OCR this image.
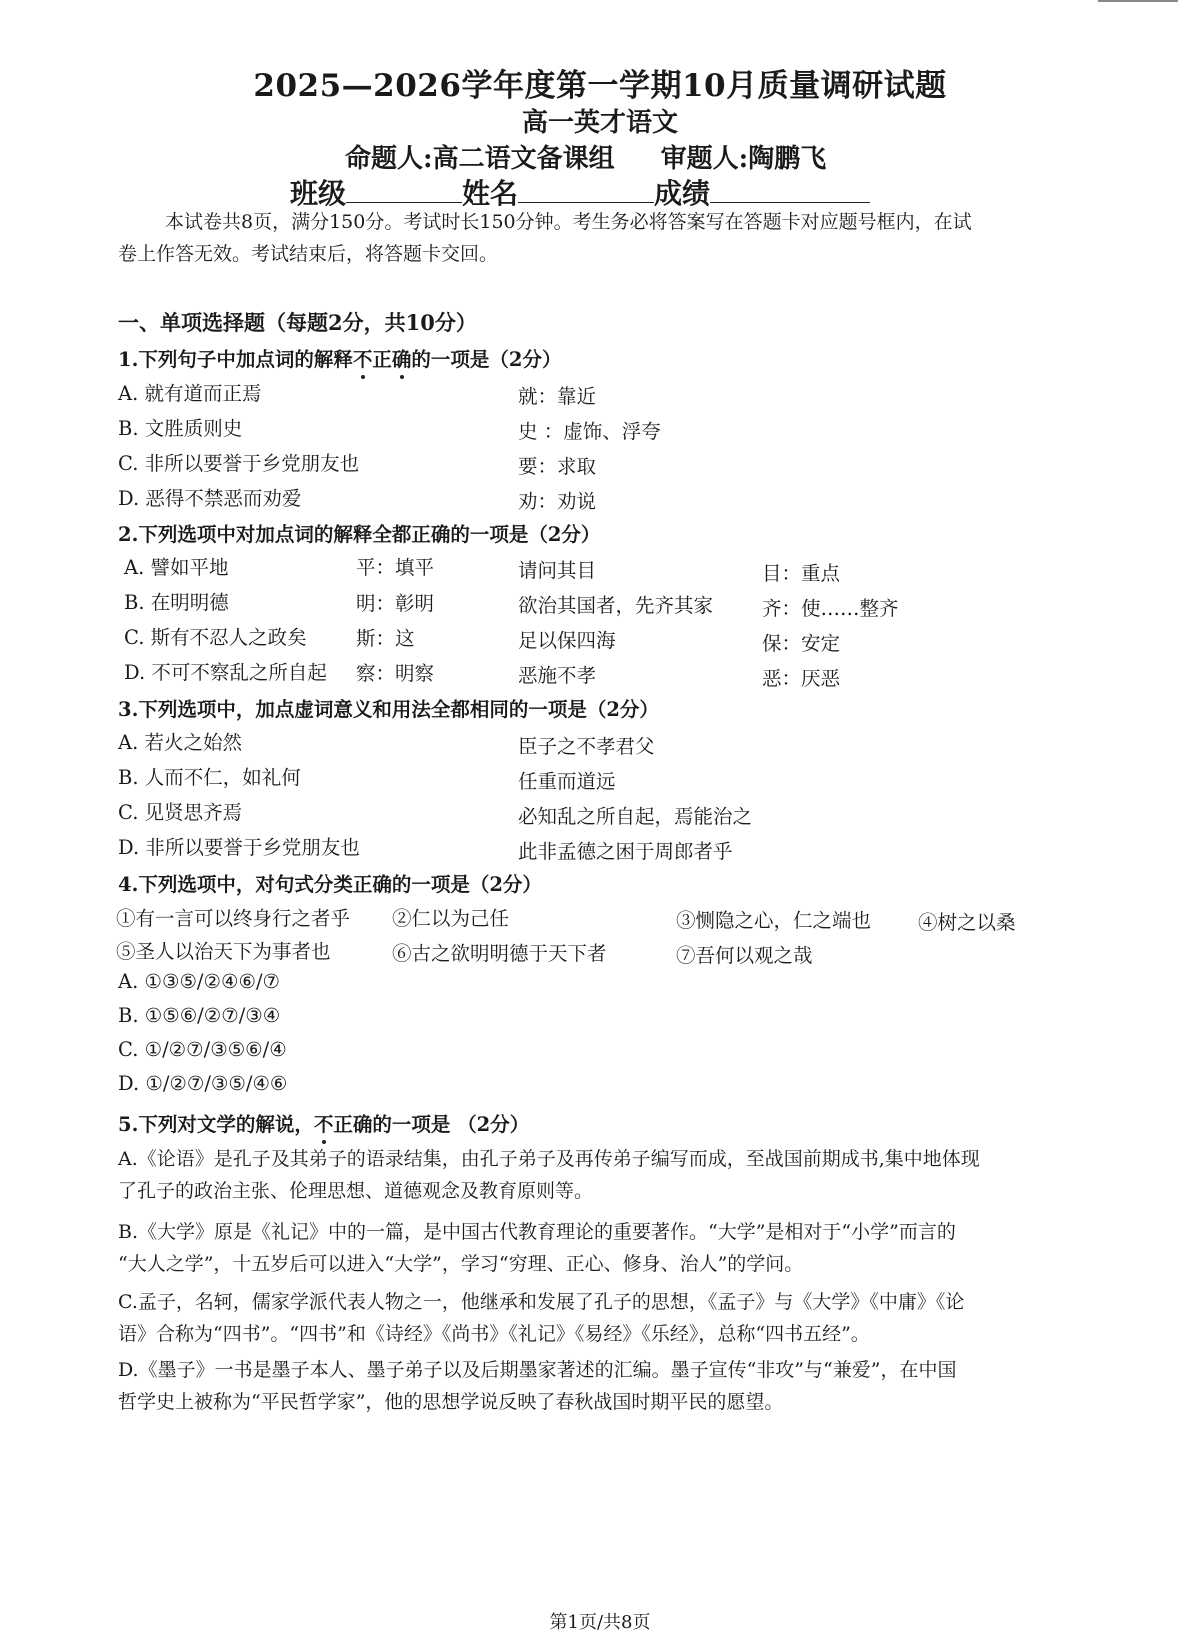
2025—2026学年度第一学期10月质量调研试题
高一英才语文
命题人:高二语文备课组 审题人:陶鹏飞
班级	姓名	成绩
本试卷共8页，满分150分。考试时长150分钟。考生务必将答案写在答题卡对应题号框内，在试
卷上作答无效。考试结束后，将答题卡交回。
一、单项选择题（每题2分，共10分）
1.下列句子中加点词的解释不正确的一项是（2分）
A. 就有道而正焉	就：靠近
B. 文胜质则史	史 ：虚饰、浮夸
C. 非所以要誉于乡党朋友也	要：求取
D. 恶得不禁恶而劝爱	劝：劝说
2.下列选项中对加点词的解释全都正确的一项是（2分）
A. 譬如平地	平：填平	请问其目	目：重点
B. 在明明德	明：彰明	欲治其国者，先齐其家	齐：使……整齐
C. 斯有不忍人之政矣	斯：这	足以保四海	保：安定
D. 不可不察乱之所自起 察：明察	恶施不孝	恶：厌恶
3.下列选项中，加点虚词意义和用法全都相同的一项是（2分）
A. 若火之始然	臣子之不孝君父
B. 人而不仁，如礼何	任重而道远
C. 见贤思齐焉	必知乱之所自起，焉能治之
D. 非所以要誉于乡党朋友也	此非孟德之困于周郎者乎
4.下列选项中，对句式分类正确的一项是（2分）
①有一言可以终身行之者乎 ②仁以为己任	③恻隐之心，仁之端也 ④树之以桑
⑤圣人以治天下为事者也	⑥古之欲明明德于天下者	⑦吾何以观之哉
A. ①③⑤/②④⑥/⑦
B. ①⑤⑥/②⑦/③④
C. ①/②⑦/③⑤⑥/④
D. ①/②⑦/③⑤/④⑥
5.下列对文学的解说，不正确的一项是 （2分）
A.《论语》是孔子及其弟子的语录结集，由孔子弟子及再传弟子编写而成，至战国前期成书,集中地体现
了孔子的政治主张、伦理思想、道德观念及教育原则等。
B.《大学》原是《礼记》中的一篇，是中国古代教育理论的重要著作。“大学”是相对于“小学”而言的
“大人之学”，十五岁后可以进入“大学”，学习“穷理、正心、修身、治人”的学问。
C.孟子，名轲，儒家学派代表人物之一，他继承和发展了孔子的思想，《孟子》与《大学》《中庸》《论
语》合称为“四书”。“四书”和《诗经》《尚书》《礼记》《易经》《乐经》，总称“四书五经”。
D.《墨子》一书是墨子本人、墨子弟子以及后期墨家著述的汇编。墨子宣传“非攻”与“兼爱”，在中国
哲学史上被称为“平民哲学家”，他的思想学说反映了春秋战国时期平民的愿望。
第1页/共8页
